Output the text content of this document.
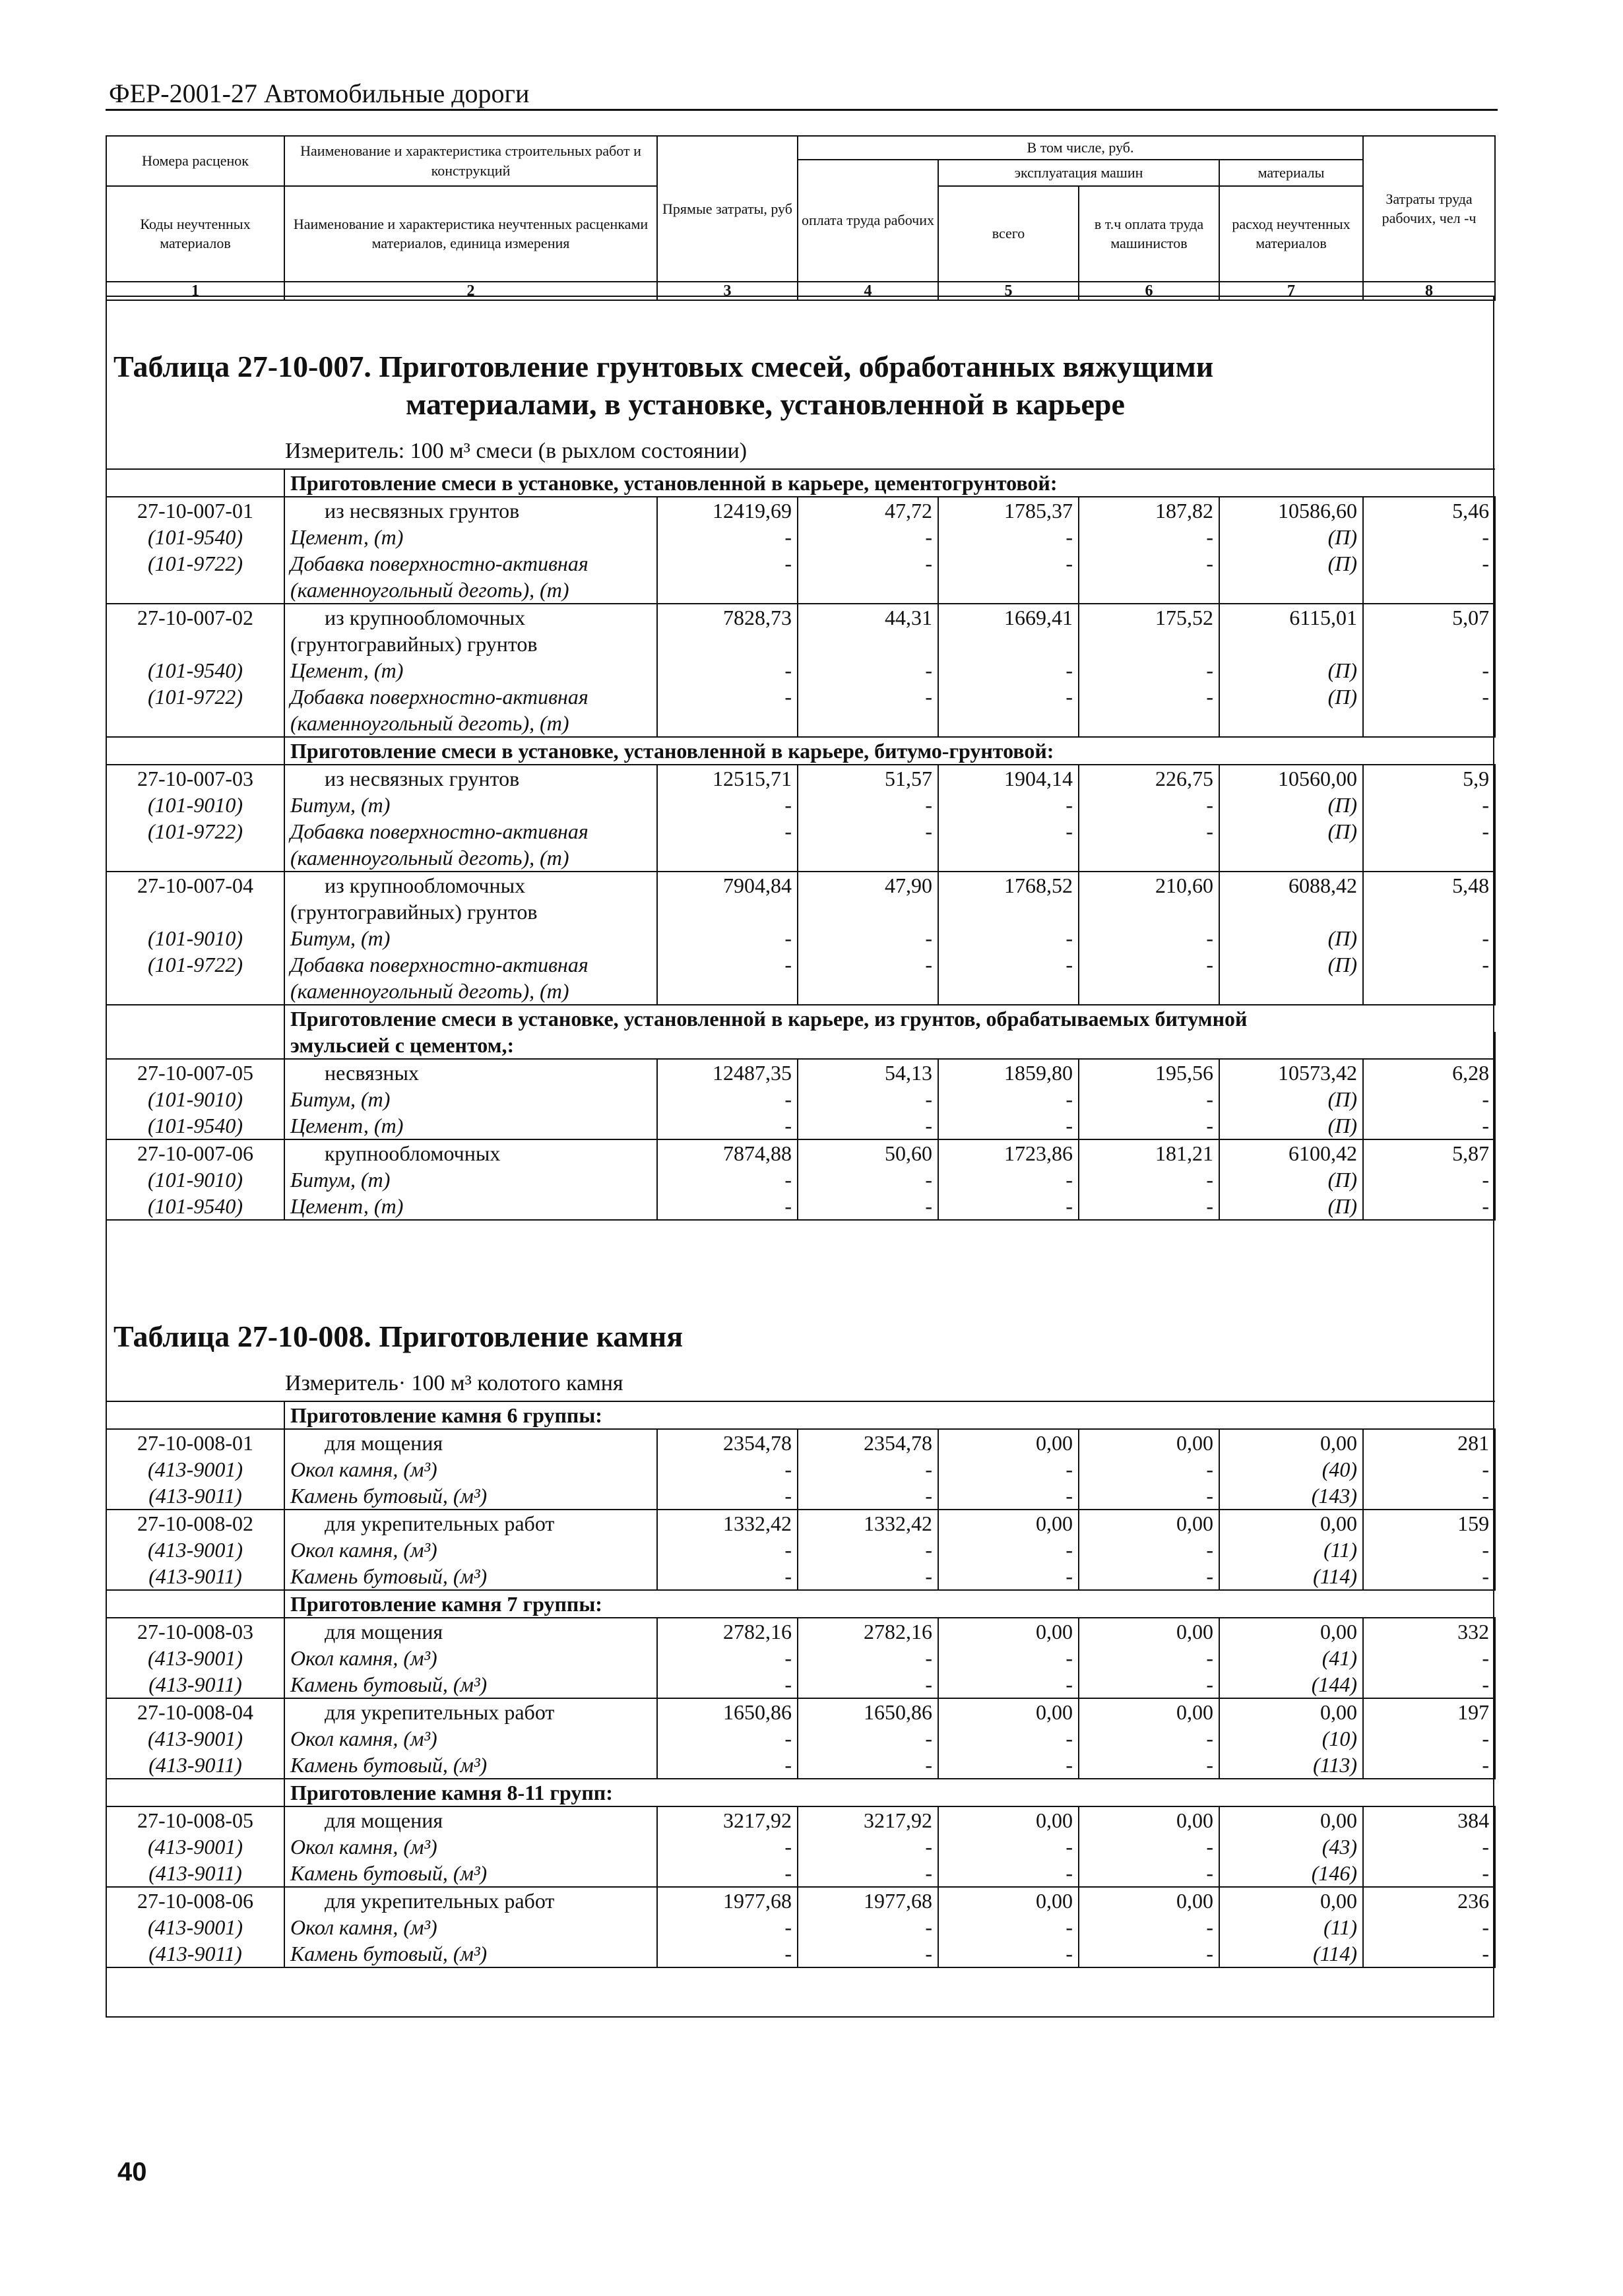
ФЕР-2001-27 Автомобильные дороги
Номера расценок	Наименование и характеристика строительных работ и конструкций	Прямые затраты, руб	В том числе, руб.				Затраты труда рабочих, чел -ч
			оплата труда рабочих	эксплуатация машин		материалы	
Коды неучтенных материалов	Наименование и характеристика неучтенных расценками материалов, единица измерения			всего	в т.ч оплата труда машинистов	расход неучтенных материалов	

1	2	3	4	5	6	7	8
Таблица 27-10-007. Приготовление грунтовых смесей, обработанных вяжущими
материалами, в установке, установленной в карьере
Измеритель: 100 м³ смеси (в рыхлом состоянии)
	Приготовление смеси в установке, установленной в карьере, цементогрунтовой:						
27-10-007-01	из несвязных грунтов	12419,69	47,72	1785,37	187,82	10586,60	5,46
(101-9540)	Цемент, (т)	-	-	-	-	(П)	-
(101-9722)	Добавка поверхностно-активная	-	-	-	-	(П)	-
	(каменноугольный деготь), (т)						
27-10-007-02	из крупнообломочных	7828,73	44,31	1669,41	175,52	6115,01	5,07
	(грунтогравийных) грунтов						
(101-9540)	Цемент, (т)	-	-	-	-	(П)	-
(101-9722)	Добавка поверхностно-активная	-	-	-	-	(П)	-
	(каменноугольный деготь), (т)						
	Приготовление смеси в установке, установленной в карьере, битумо-грунтовой:						
27-10-007-03	из несвязных грунтов	12515,71	51,57	1904,14	226,75	10560,00	5,9
(101-9010)	Битум, (т)	-	-	-	-	(П)	-
(101-9722)	Добавка поверхностно-активная	-	-	-	-	(П)	-
	(каменноугольный деготь), (т)						
27-10-007-04	из крупнообломочных	7904,84	47,90	1768,52	210,60	6088,42	5,48
	(грунтогравийных) грунтов						
(101-9010)	Битум, (т)	-	-	-	-	(П)	-
(101-9722)	Добавка поверхностно-активная	-	-	-	-	(П)	-
	(каменноугольный деготь), (т)						
	Приготовление смеси в установке, установленной в карьере, из грунтов, обрабатываемых битумной						
	эмульсией с цементом,:						
27-10-007-05	несвязных	12487,35	54,13	1859,80	195,56	10573,42	6,28
(101-9010)	Битум, (т)	-	-	-	-	(П)	-
(101-9540)	Цемент, (т)	-	-	-	-	(П)	-
27-10-007-06	крупнообломочных	7874,88	50,60	1723,86	181,21	6100,42	5,87
(101-9010)	Битум, (т)	-	-	-	-	(П)	-
(101-9540)	Цемент, (т)	-	-	-	-	(П)	-
Таблица 27-10-008. Приготовление камня
Измеритель· 100 м³ колотого камня
	Приготовление камня 6 группы:						
27-10-008-01	для мощения	2354,78	2354,78	0,00	0,00	0,00	281
(413-9001)	Окол камня, (м³)	-	-	-	-	(40)	-
(413-9011)	Камень бутовый, (м³)	-	-	-	-	(143)	-
27-10-008-02	для укрепительных работ	1332,42	1332,42	0,00	0,00	0,00	159
(413-9001)	Окол камня, (м³)	-	-	-	-	(11)	-
(413-9011)	Камень бутовый, (м³)	-	-	-	-	(114)	-
	Приготовление камня 7 группы:						
27-10-008-03	для мощения	2782,16	2782,16	0,00	0,00	0,00	332
(413-9001)	Окол камня, (м³)	-	-	-	-	(41)	-
(413-9011)	Камень бутовый, (м³)	-	-	-	-	(144)	-
27-10-008-04	для укрепительных работ	1650,86	1650,86	0,00	0,00	0,00	197
(413-9001)	Окол камня, (м³)	-	-	-	-	(10)	-
(413-9011)	Камень бутовый, (м³)	-	-	-	-	(113)	-
	Приготовление камня 8-11 групп:						
27-10-008-05	для мощения	3217,92	3217,92	0,00	0,00	0,00	384
(413-9001)	Окол камня, (м³)	-	-	-	-	(43)	-
(413-9011)	Камень бутовый, (м³)	-	-	-	-	(146)	-
27-10-008-06	для укрепительных работ	1977,68	1977,68	0,00	0,00	0,00	236
(413-9001)	Окол камня, (м³)	-	-	-	-	(11)	-
(413-9011)	Камень бутовый, (м³)	-	-	-	-	(114)	-
40
